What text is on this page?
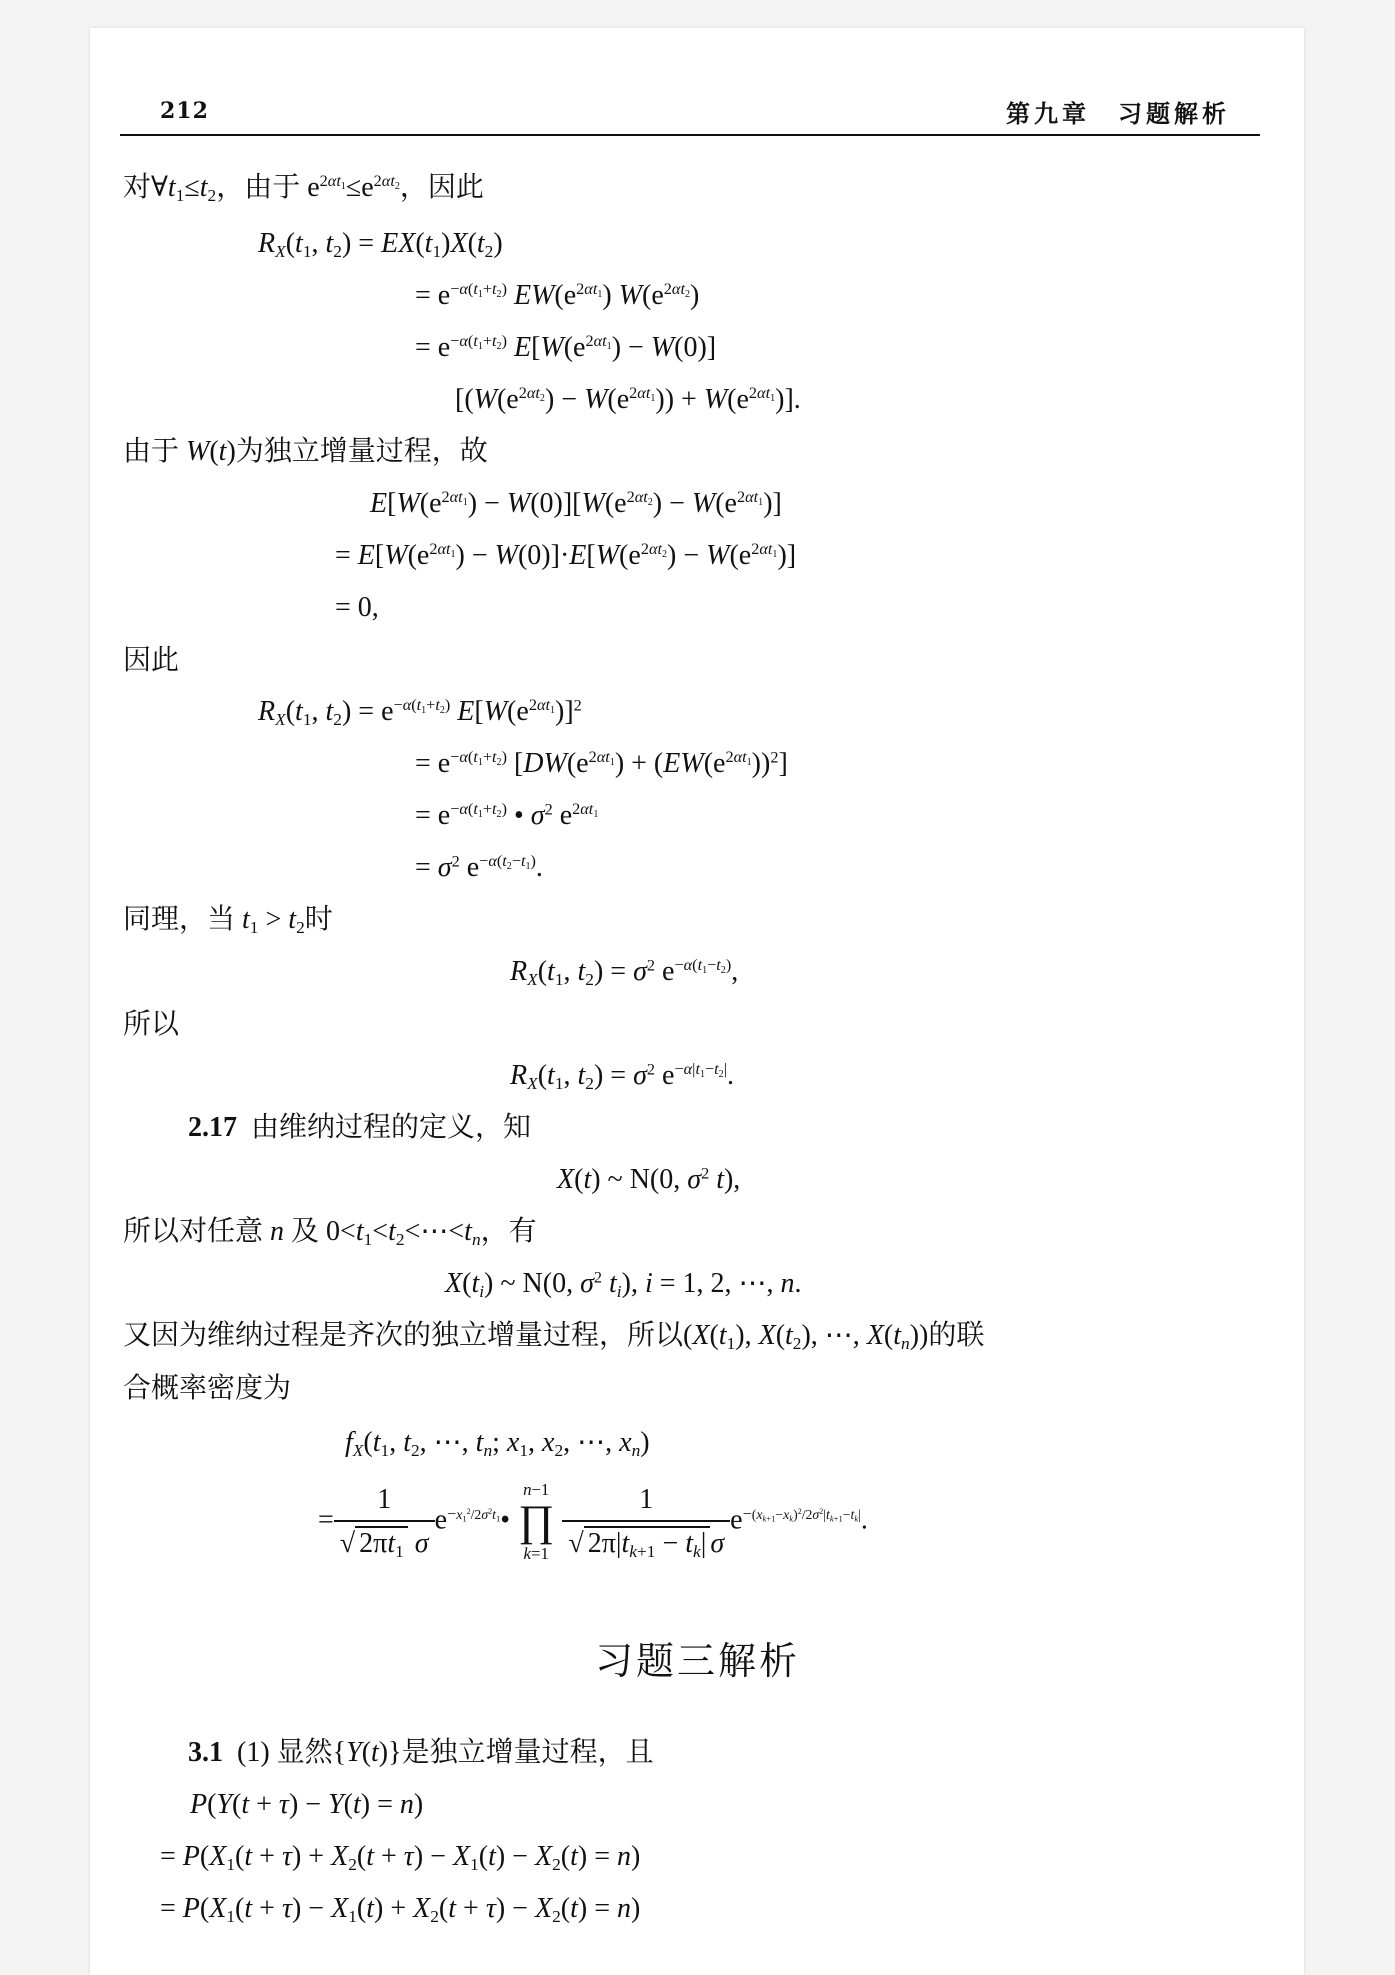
212	第九章　习题解析
对$\forall t_1\le t_2$，由于 $e^{2\alpha t_1}\le e^{2\alpha t_2}$，因此
$R_X(t_1$, $t_2) = EX(t_1)X(t_2)$
= $e^{-\alpha(t_1+t_2)}$ $EW(e^{2\alpha t_1})$ $W(e^{2\alpha t_2})$
= $e^{-\alpha(t_1+t_2)}$ $E[W(e^{2\alpha t_1}) - W(0)]$
$[(W(e^{2\alpha t_2}) - W(e^{2\alpha t_1})) + W(e^{2\alpha t_1})]$.
由于 W(t)为独立增量过程，故
$E[W(e^{2\alpha t_1}) - W(0)][W(e^{2\alpha t_2}) - W(e^{2\alpha t_1})]$
= $E[W(e^{2\alpha t_1}) - W(0)]\cdot E[W(e^{2\alpha t_2}) - W(e^{2\alpha t_1})]$
= 0,
因此
$R_X(t_1$, $t_2) = e^{-\alpha(t_1+t_2)}$ $E[W(e^{2\alpha t_1})]^2$
= $e^{-\alpha(t_1+t_2)}$ $[DW(e^{2\alpha t_1}) + (EW(e^{2\alpha t_1}))^2]$
= $e^{-\alpha(t_1+t_2)}$ • $\sigma^2$ $e^{2\alpha t_1}$
= $\sigma^2$ $e^{-\alpha(t_2-t_1)}$.
同理，当 $t_1 > t_2$时
$R_X(t_1$, $t_2) = \sigma^2$ $e^{-\alpha(t_1-t_2)}$,
所以
$R_X(t_1$, $t_2) = \sigma^2$ $e^{-\alpha|t_1-t_2|}$.
2.17 由维纳过程的定义，知
X(t) ~ N(0, $\sigma^2$ t),
所以对任意 n 及 $0<t_1<t_2<\cdots<t_n$，有
$X(t_i)$ ~ N(0, $\sigma^2$ $t_i$), i = 1, 2, ⋯, n.
又因为维纳过程是齐次的独立增量过程，所以($X(t_1)$, $X(t_2)$, ⋯, $X(t_n)$)的联
合概率密度为
$f_X(t_1$, $t_2$, ⋯, $t_n$; $x_1$, $x_2$, ⋯, $x_n$)
= $\frac{1}{√ 2\pi t_1 \sigma}$ $e^{-x_1^2/2\sigma^2t_1}•$
n−1
∏
k=1
$\frac{1}{√ 2\pi|t_{k+1} - t_k| \sigma} e^{-(x_{k+1}-x_k)^2/2\sigma^2|t_{k+1}-t_k|}$.
习题三解析
3.1 (1) 显然{Y(t)}是独立增量过程，且
P(Y(t + τ) − Y(t) = n)
= $P(X_1(t + \tau) + X_2(t + \tau) - X_1(t) - X_2(t) = n)$
= $P(X_1(t + \tau) - X_1(t) + X_2(t + \tau) - X_2(t) = n)$
